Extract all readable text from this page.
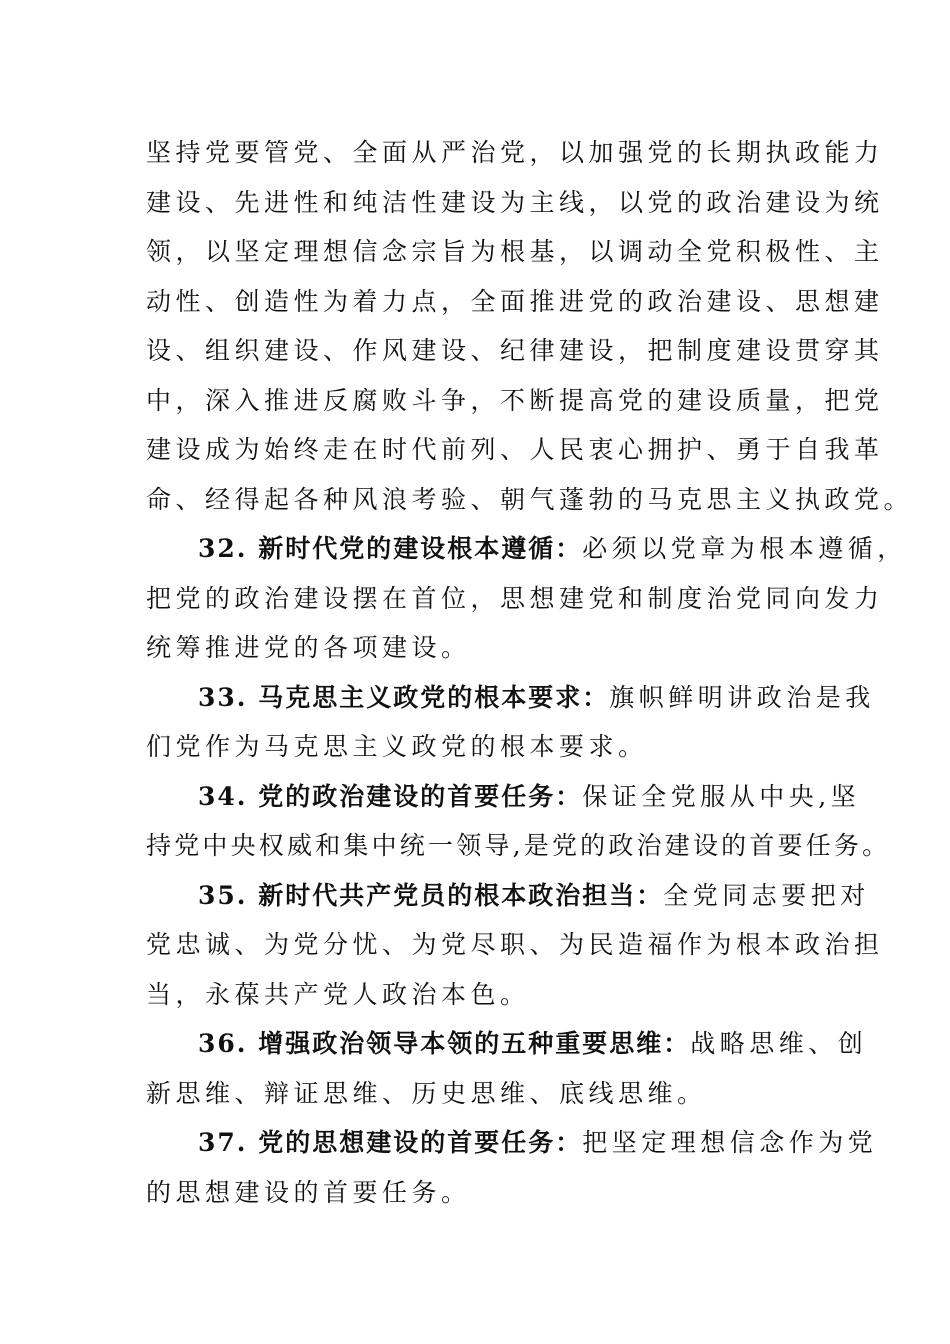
坚持党要管党、全面从严治党，以加强党的长期执政能力
建设、先进性和纯洁性建设为主线，以党的政治建设为统
领，以坚定理想信念宗旨为根基，以调动全党积极性、主
动性、创造性为着力点，全面推进党的政治建设、思想建
设、组织建设、作风建设、纪律建设，把制度建设贯穿其
中，深入推进反腐败斗争，不断提高党的建设质量，把党
建设成为始终走在时代前列、人民衷心拥护、勇于自我革
命、经得起各种风浪考验、朝气蓬勃的马克思主义执政党。
32. 新时代党的建设根本遵循：必须以党章为根本遵循，
把党的政治建设摆在首位，思想建党和制度治党同向发力
统筹推进党的各项建设。
33. 马克思主义政党的根本要求：旗帜鲜明讲政治是我
们党作为马克思主义政党的根本要求。
34. 党的政治建设的首要任务：保证全党服从中央,坚
持党中央权威和集中统一领导,是党的政治建设的首要任务。
35. 新时代共产党员的根本政治担当：全党同志要把对
党忠诚、为党分忧、为党尽职、为民造福作为根本政治担
当，永葆共产党人政治本色。
36. 增强政治领导本领的五种重要思维：战略思维、创
新思维、辩证思维、历史思维、底线思维。
37. 党的思想建设的首要任务：把坚定理想信念作为党
的思想建设的首要任务。
